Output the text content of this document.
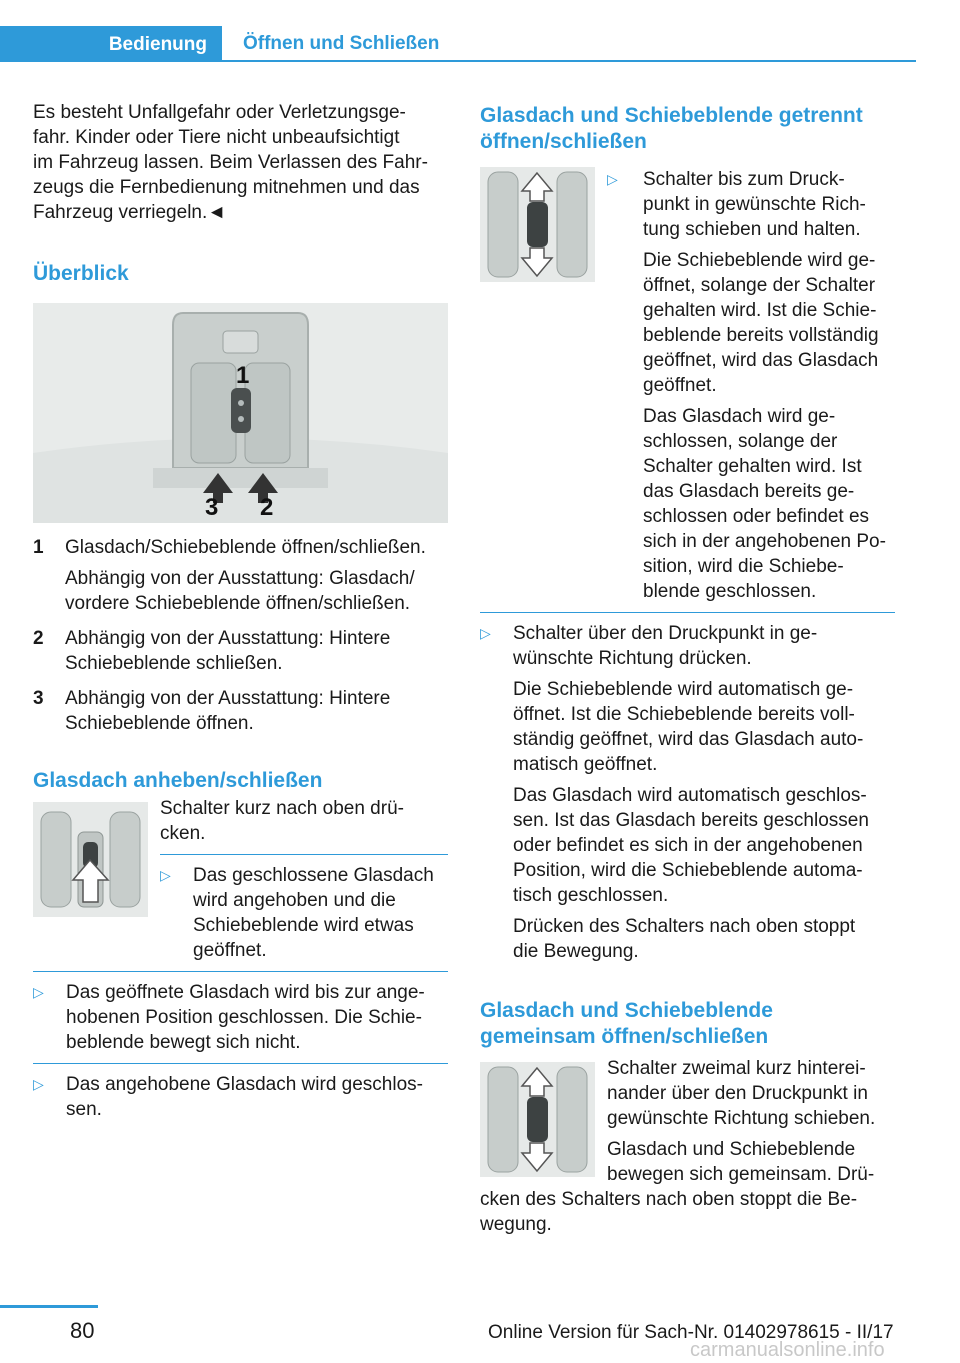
Bedienung	Öffnen und Schließen

Es besteht Unfallgefahr oder Verletzungsge-
fahr. Kinder oder Tiere nicht unbeaufsichtigt
im Fahrzeug lassen. Beim Verlassen des Fahr-
zeugs die Fernbedienung mitnehmen und das
Fahrzeug verriegeln.◄

Überblick
1
2
3
1	Glasdach/Schiebeblende öffnen/schließen.

Abhängig von der Ausstattung: Glasdach/
vordere Schiebeblende öffnen/schließen.

2	Abhängig von der Ausstattung: Hintere
Schiebeblende schließen.

3	Abhängig von der Ausstattung: Hintere
Schiebeblende öffnen.

Glasdach anheben/schließen

Schalter kurz nach oben drü-
cken.

▷	Das geschlossene Glasdach
wird angehoben und die
Schiebeblende wird etwas
geöffnet.

▷	Das geöffnete Glasdach wird bis zur ange-
hobenen Position geschlossen. Die Schie-
beblende bewegt sich nicht.

▷	Das angehobene Glasdach wird geschlos-
sen.

Glasdach und Schiebeblende getrennt
öffnen/schließen
▷	Schalter bis zum Druck-
punkt in gewünschte Rich-
tung schieben und halten.

Die Schiebeblende wird ge-
öffnet, solange der Schalter
gehalten wird. Ist die Schie-
beblende bereits vollständig
geöffnet, wird das Glasdach
geöffnet.

Das Glasdach wird ge-
schlossen, solange der
Schalter gehalten wird. Ist
das Glasdach bereits ge-
schlossen oder befindet es
sich in der angehobenen Po-
sition, wird die Schiebe-
blende geschlossen.

▷	Schalter über den Druckpunkt in ge-
wünschte Richtung drücken.

Die Schiebeblende wird automatisch ge-
öffnet. Ist die Schiebeblende bereits voll-
ständig geöffnet, wird das Glasdach auto-
matisch geöffnet.

Das Glasdach wird automatisch geschlos-
sen. Ist das Glasdach bereits geschlossen
oder befindet es sich in der angehobenen
Position, wird die Schiebeblende automa-
tisch geschlossen.

Drücken des Schalters nach oben stoppt
die Bewegung.

Glasdach und Schiebeblende
gemeinsam öffnen/schließen

Schalter zweimal kurz hinterei-
nander über den Druckpunkt in
gewünschte Richtung schieben.

Glasdach und Schiebeblende
bewegen sich gemeinsam. Drü-

cken des Schalters nach oben stoppt die Be-
wegung.

80	Online Version für Sach-Nr. 01402978615 - II/17
carmanualsonline.info
